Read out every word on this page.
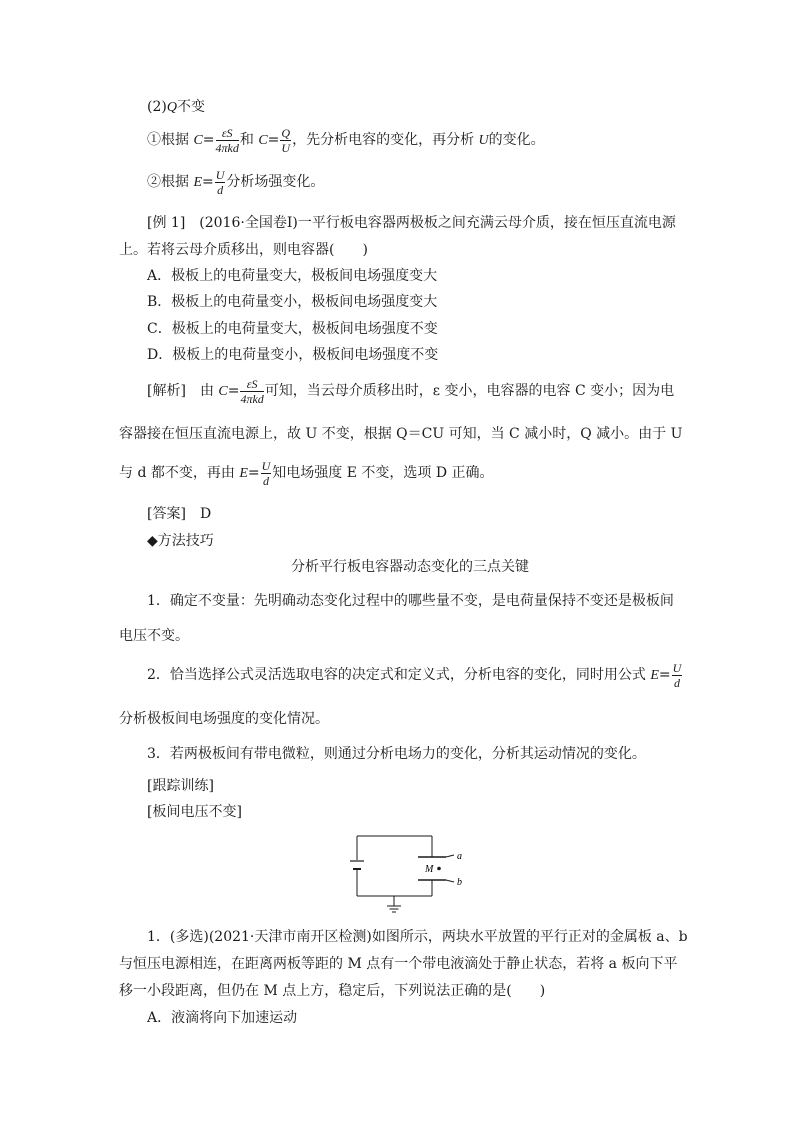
(2)Q不变
①根据 $C= \frac{\varepsilon S}{\text{4πkd}}$ 和 $C= \frac{Q}{U}$ ，先分析电容的变化，再分析 U的变化。
②根据 $E= \frac{U}{d}$ 分析场强变化。
[例 1]  (2016·全国卷Ⅰ)一平行板电容器两极板之间充满云母介质，接在恒压直流电源
上。若将云母介质移出，则电容器(　　)
A．极板上的电荷量变大，极板间电场强度变大
B．极板上的电荷量变小，极板间电场强度变大
C．极板上的电荷量变大，极板间电场强度不变
D．极板上的电荷量变小，极板间电场强度不变
[解析]  由 $C= \frac{\varepsilon S}{\text{4πkd}}$ 可知，当云母介质移出时，ε 变小，电容器的电容 C 变小；因为电
容器接在恒压直流电源上，故 U 不变，根据 Q＝CU 可知，当 C 减小时，Q 减小。由于 U
与 d 都不变，再由 $E= \frac{U}{d}$ 知电场强度 E 不变，选项 D 正确。
[答案]  D
◆方法技巧
分析平行板电容器动态变化的三点关键
1．确定不变量：先明确动态变化过程中的哪些量不变，是电荷量保持不变还是极板间
电压不变。
2．恰当选择公式灵活选取电容的决定式和定义式，分析电容的变化，同时用公式 $E= \frac{U}{d}$
分析极板间电场强度的变化情况。
3．若两极板间有带电微粒，则通过分析电场力的变化，分析其运动情况的变化。
[跟踪训练]
[板间电压不变]
M
a
b
1．(多选)(2021·天津市南开区检测)如图所示，两块水平放置的平行正对的金属板 a、b
与恒压电源相连，在距离两板等距的 M 点有一个带电液滴处于静止状态，若将 a 板向下平
移一小段距离，但仍在 M 点上方，稳定后，下列说法正确的是(　　)
A．液滴将向下加速运动
